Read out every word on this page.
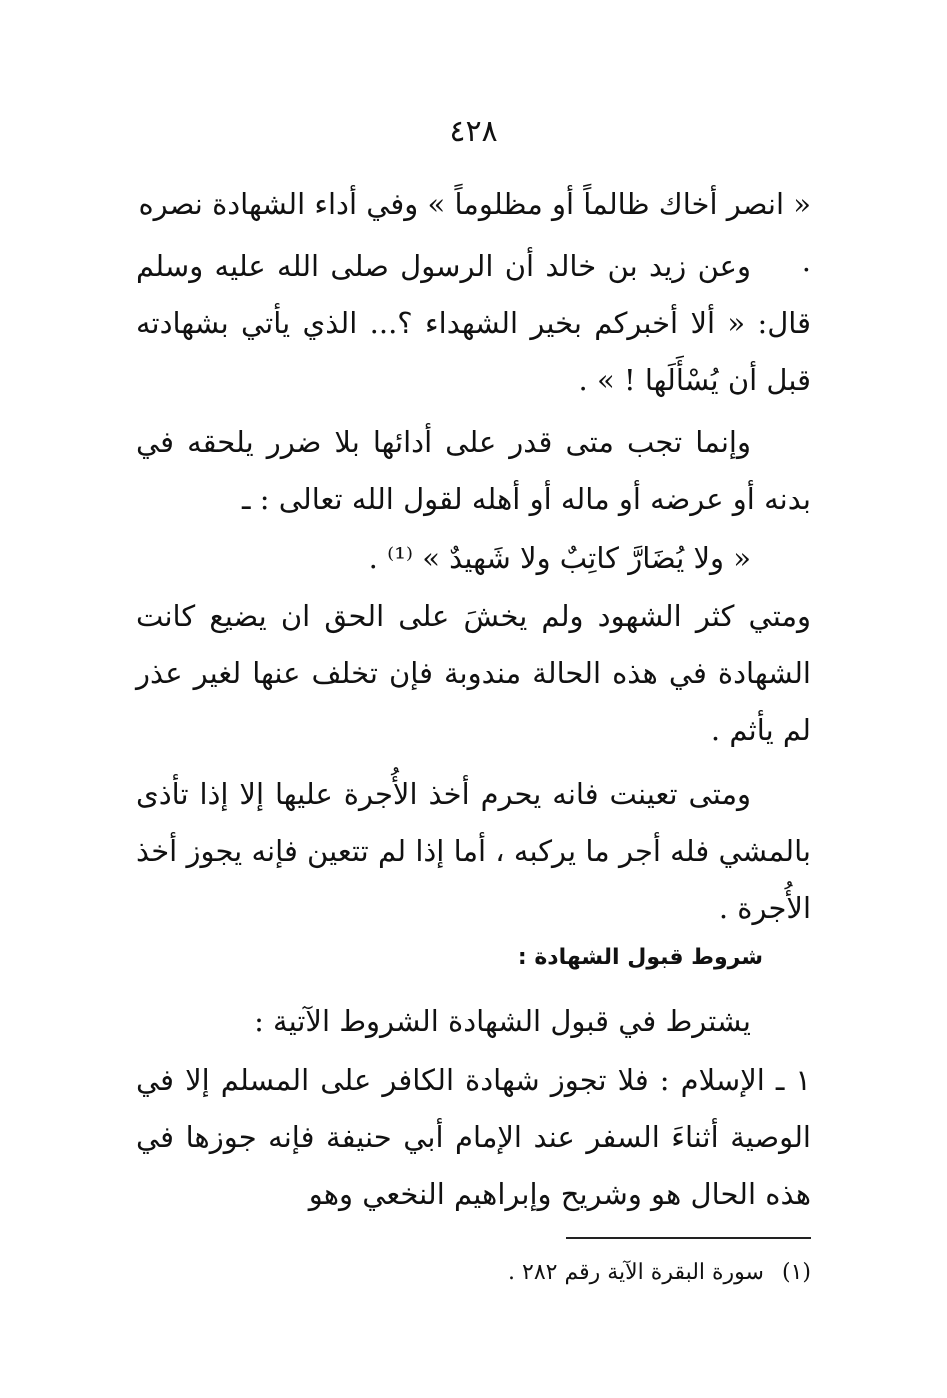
٤٢٨
« انصر أخاك ظالماً أو مظلوماً » وفي أداء الشهادة نصره .
وعن زيد بن خالد أن الرسول صلى الله عليه وسلم قال: « ألا أخبركم بخير الشهداء ؟... الذي يأتي بشهادته قبل أن يُسْأَلَها ! » .
وإنما تجب متى قدر على أدائها بلا ضرر يلحقه في بدنه أو عرضه أو ماله أو أهله لقول الله تعالى : ـ
« ولا يُضَارَّ كاتِبٌ ولا شَهيدٌ » ⁽¹⁾ .
ومتي كثر الشهود ولم يخشَ على الحق ان يضيع كانت الشهادة في هذه الحالة مندوبة فإن تخلف عنها لغير عذر لم يأثم .
ومتى تعينت فانه يحرم أخذ الأُجرة عليها إلا إذا تأذى بالمشي فله أجر ما يركبه ، أما إذا لم تتعين فإنه يجوز أخذ الأُجرة .
شروط قبول الشهادة :
يشترط في قبول الشهادة الشروط الآتية :
١ ـ الإسلام : فلا تجوز شهادة الكافر على المسلم إلا في الوصية أثناءَ السفر عند الإمام أبي حنيفة فإنه جوزها في هذه الحال هو وشريح وإبراهيم النخعي وهو
(١)سورة البقرة الآية رقم ٢٨٢ .
